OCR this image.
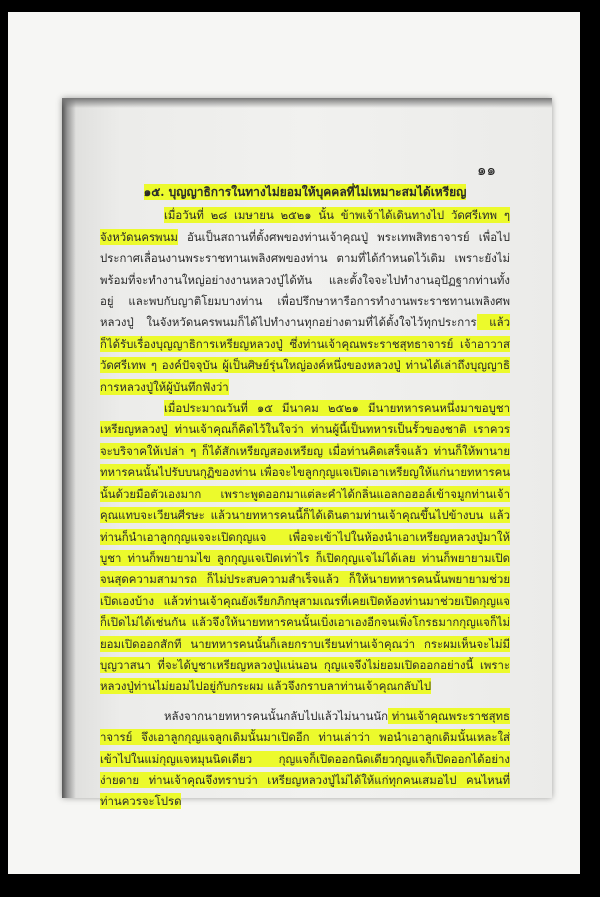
๑๑
๑๕. บุญญาธิการในทางไม่ยอมให้บุคคลที่ไม่เหมาะสมได้เหรียญ

เมื่อวันที่ ๒๘ เมษายน ๒๕๒๑ นั้น ข้าพเจ้าได้เดินทางไป วัดศรีเทพ ๆ จังหวัดนครพนม อันเป็นสถานที่ตั้งศพของท่านเจ้าคุณปู่ พระเทพสิทธาจารย์ เพื่อไปประกาศเลื่อนงานพระราชทานเพลิงศพของท่าน ตามที่ได้กำหนดไว้เดิม เพราะยังไม่พร้อมที่จะทำงานใหญ่อย่างงานหลวงปู่ได้ทัน และตั้งใจจะไปทำงานอุปัฏฐากท่านทั้งอยู่ และพบกับญาติโยมบางท่าน เพื่อปรึกษาหารือการทำงานพระราชทานเพลิงศพหลวงปู่ ในจังหวัดนครพนมก็ได้ไปทำงานทุกอย่างตามที่ได้ตั้งใจไว้ทุกประการ แล้วก็ได้รับเรื่องบุญญาธิการเหรียญหลวงปู่ ซึ่งท่านเจ้าคุณพระราชสุทธาจารย์ เจ้าอาวาสวัดศรีเทพ ๆ องค์ปัจจุบัน ผู้เป็นศิษย์รุ่นใหญ่องค์หนึ่งของหลวงปู่ ท่านได้เล่าถึงบุญญาธิการหลวงปู่ให้ผู้บันทึกฟังว่า

เมื่อประมาณวันที่ ๑๕ มีนาคม ๒๕๒๑ มีนายทหารคนหนึ่งมาขอบูชาเหรียญหลวงปู่ ท่านเจ้าคุณก็คิดไว้ในใจว่า ท่านผู้นี้เป็นทหารเป็นรั้วของชาติ เราควรจะบริจาคให้เปล่า ๆ ก็ได้สักเหรียญสองเหรียญ เมื่อท่านคิดเสร็จแล้ว ท่านก็ให้พานายทหารคนนั้นไปรับบนกุฏิของท่าน เพื่อจะไขลูกกุญแจเปิดเอาเหรียญให้แก่นายทหารคนนั้นด้วยมือตัวเองมาก เพราะพูดออกมาแต่ละคำได้กลิ่นแอลกอฮอล์เข้าจมูกท่านเจ้าคุณแทบจะเวียนศีรษะ แล้วนายทหารคนนี้ก็ได้เดินตามท่านเจ้าคุณขึ้นไปข้างบน แล้วท่านก็นำเอาลูกกุญแจจะเปิดกุญแจ เพื่อจะเข้าไปในห้องนำเอาเหรียญหลวงปู่มาให้บูชา ท่านก็พยายามไข ลูกกุญแจเปิดเท่าไร ก็เปิดกุญแจไม่ได้เลย ท่านก็พยายามเปิดจนสุดความสามารถ ก็ไม่ประสบความสำเร็จแล้ว ก็ให้นายทหารคนนั้นพยายามช่วยเปิดเองบ้าง แล้วท่านเจ้าคุณยังเรียกภิกษุสามเณรที่เคยเปิดห้องท่านมาช่วยเปิดกุญแจ ก็เปิดไม่ได้เช่นกัน แล้วจึงให้นายทหารคนนั้นเบิ่งเอาเองอีกจนเพิ่งโกรธมากกุญแจก็ไม่ยอมเปิดออกสักที นายทหารคนนั้นก็เลยกราบเรียนท่านเจ้าคุณว่า กระผมเห็นจะไม่มีบุญวาสนา ที่จะได้บูชาเหรียญหลวงปู่แน่นอน กุญแจจึงไม่ยอมเปิดออกอย่างนี้ เพราะหลวงปู่ท่านไม่ยอมไปอยู่กับกระผม แล้วจึงกราบลาท่านเจ้าคุณกลับไป

หลังจากนายทหารคนนั้นกลับไปแล้วไม่นานนัก ท่านเจ้าคุณพระราชสุทธาจารย์ จึงเอาลูกกุญแจลูกเดิมนั้นมาเปิดอีก ท่านเล่าว่า พอนำเอาลูกเดิมนั้นเหละใส่เข้าไปในแม่กุญแจหมุนนิดเดียว กุญแจก็เปิดออกนิดเดียวกุญแจก็เปิดออกได้อย่างง่ายดาย ท่านเจ้าคุณจึงทราบว่า เหรียญหลวงปู่ไม่ได้ให้แก่ทุกคนเสมอไป คนไหนที่ท่านควรจะโปรด
